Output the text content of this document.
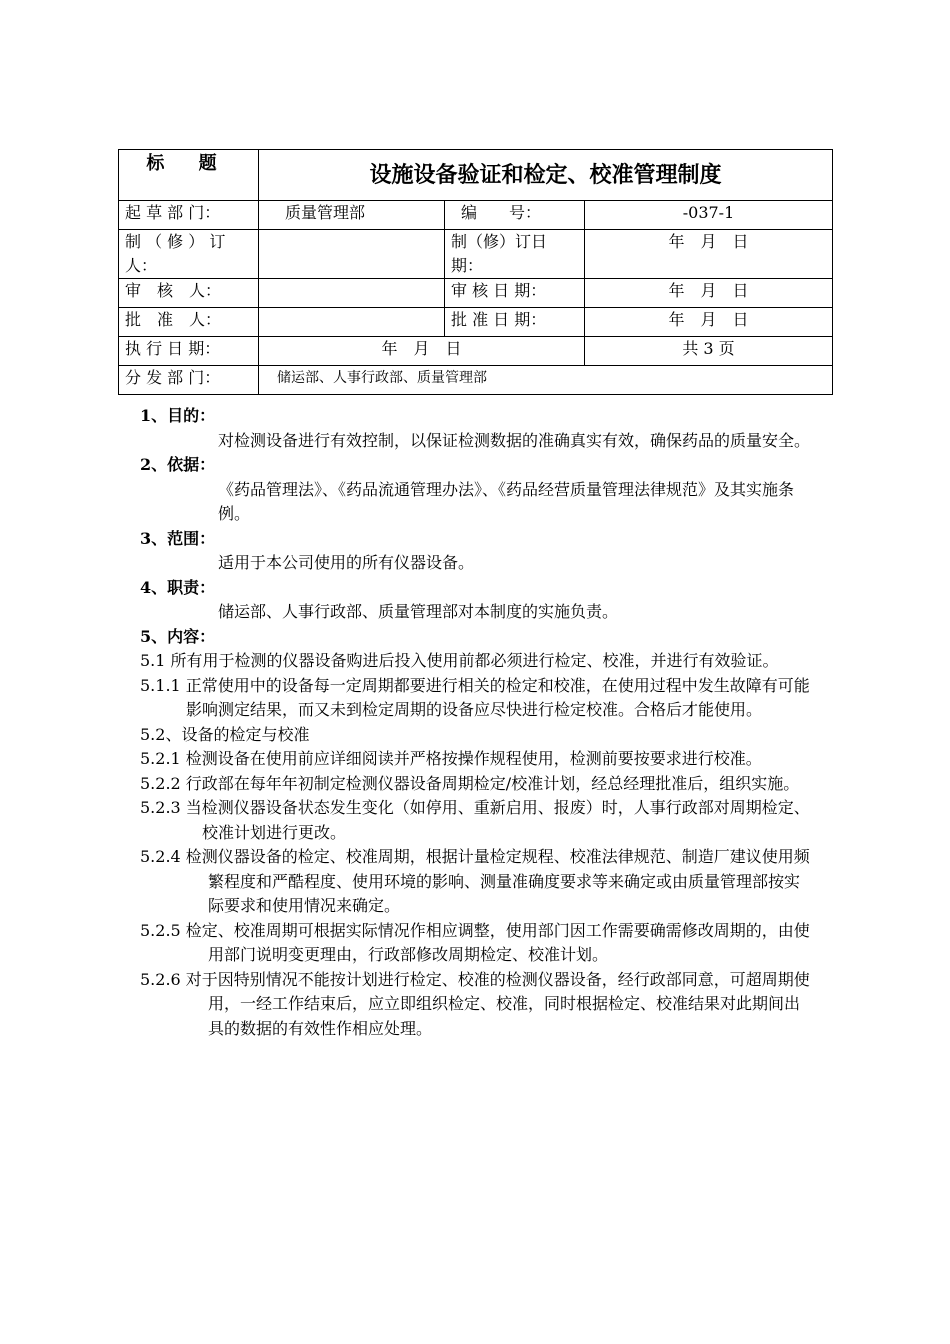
标 题	设施设备验证和检定、校准管理制度		
起 草 部 门：	质量管理部	编　　号：	-037-1
制 （ 修 ） 订人：		制（修）订日期：	年　月　日
审　核　人：		审 核 日 期：	年　月　日
批　准　人：		批 准 日 期：	年　月　日
执 行 日 期：	年　月　日		共 3 页
分 发 部 门：	储运部、人事行政部、质量管理部		

1、目的：

对检测设备进行有效控制，以保证检测数据的准确真实有效，确保药品的质量安全。

2、依据：

《药品管理法》、《药品流通管理办法》、《药品经营质量管理法律规范》及其实施条例。

3、范围：

适用于本公司使用的所有仪器设备。

4、职责：

储运部、人事行政部、质量管理部对本制度的实施负责。

5、内容：

5.1 所有用于检测的仪器设备购进后投入使用前都必须进行检定、校准，并进行有效验证。

5.1.1 正常使用中的设备每一定周期都要进行相关的检定和校准，在使用过程中发生故障有可能影响测定结果，而又未到检定周期的设备应尽快进行检定校准。合格后才能使用。

5.2、设备的检定与校准

5.2.1 检测设备在使用前应详细阅读并严格按操作规程使用，检测前要按要求进行校准。

5.2.2 行政部在每年年初制定检测仪器设备周期检定/校准计划，经总经理批准后，组织实施。

5.2.3 当检测仪器设备状态发生变化（如停用、重新启用、报废）时，人事行政部对周期检定、校准计划进行更改。

5.2.4 检测仪器设备的检定、校准周期，根据计量检定规程、校准法律规范、制造厂建议使用频繁程度和严酷程度、使用环境的影响、测量准确度要求等来确定或由质量管理部按实际要求和使用情况来确定。

5.2.5 检定、校准周期可根据实际情况作相应调整，使用部门因工作需要确需修改周期的，由使用部门说明变更理由，行政部修改周期检定、校准计划。

5.2.6 对于因特别情况不能按计划进行检定、校准的检测仪器设备，经行政部同意，可超周期使用，一经工作结束后，应立即组织检定、校准，同时根据检定、校准结果对此期间出具的数据的有效性作相应处理。
